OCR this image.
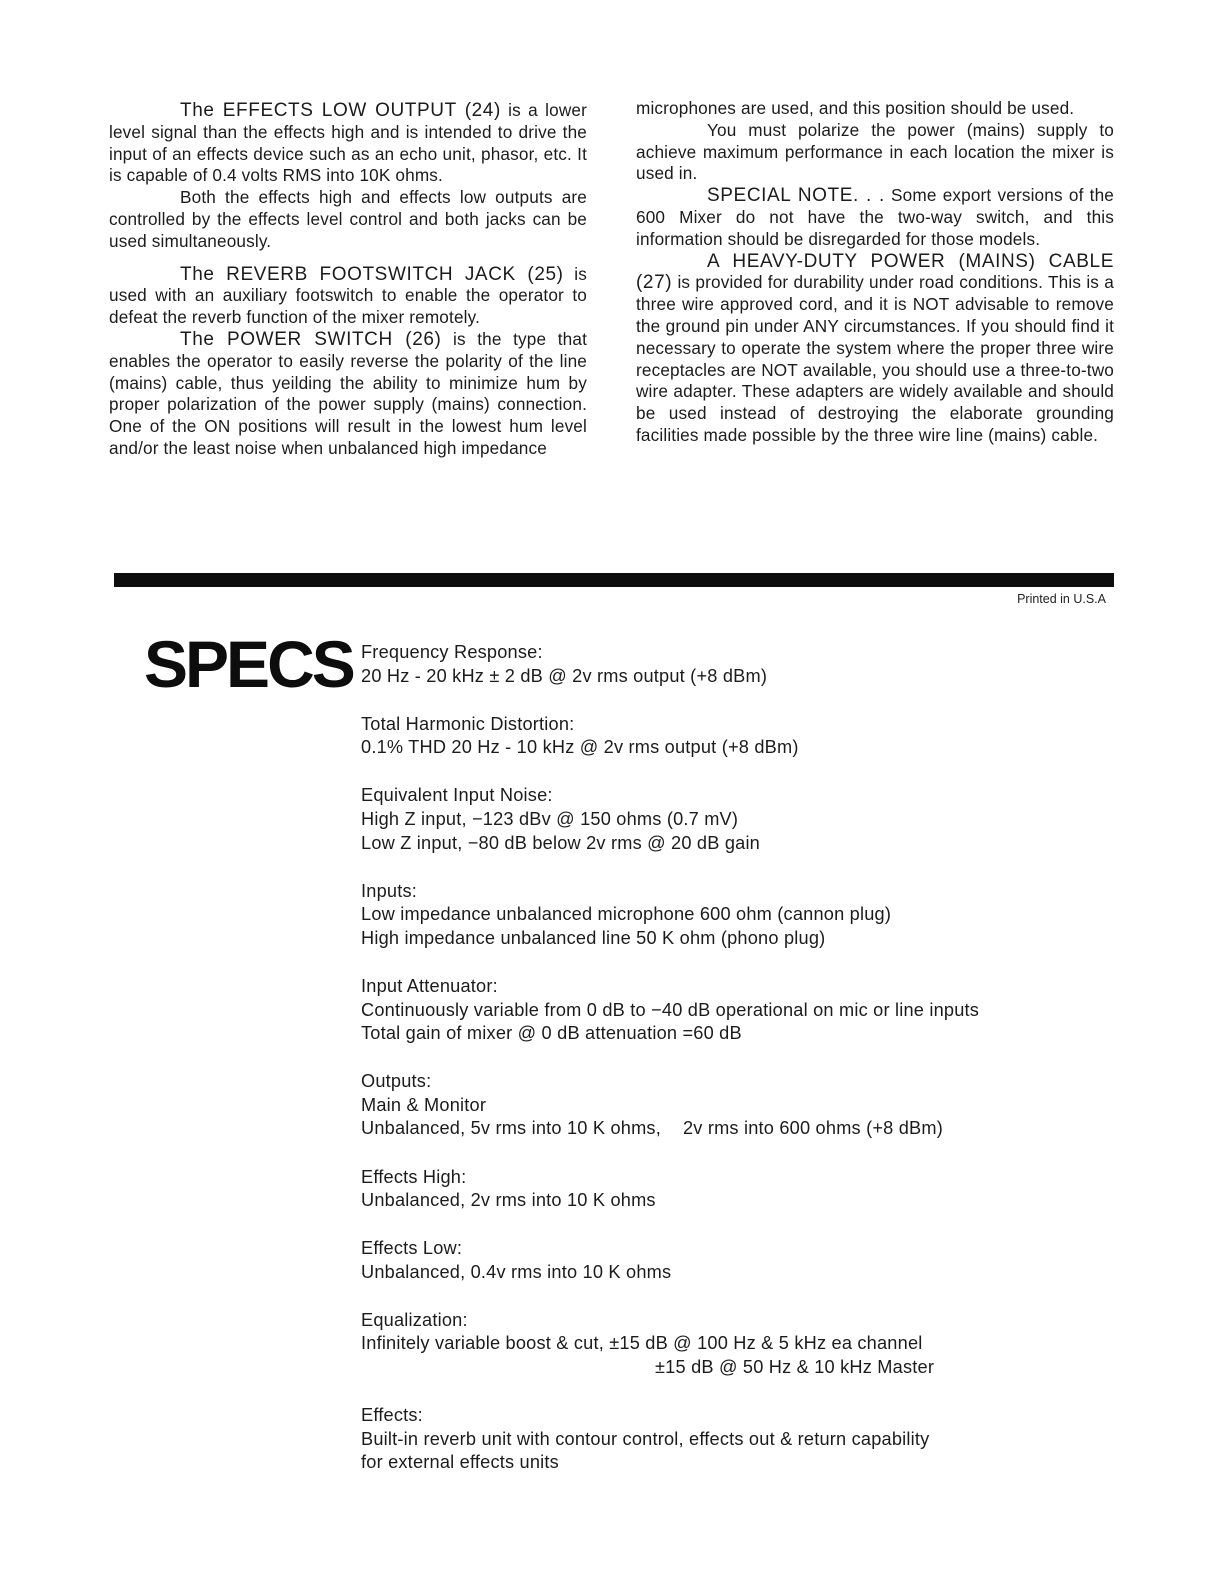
The EFFECTS LOW OUTPUT (24) is a lower level signal than the effects high and is intended to drive the input of an effects device such as an echo unit, phasor, etc. It is capable of 0.4 volts RMS into 10K ohms.

Both the effects high and effects low outputs are controlled by the effects level control and both jacks can be used simultaneously.

The REVERB FOOTSWITCH JACK (25) is used with an auxiliary footswitch to enable the operator to defeat the reverb function of the mixer remotely.

The POWER SWITCH (26) is the type that enables the operator to easily reverse the polarity of the line (mains) cable, thus yeilding the ability to minimize hum by proper polarization of the power supply (mains) connection. One of the ON positions will result in the lowest hum level and/or the least noise when unbalanced high impedance

microphones are used, and this position should be used.

You must polarize the power (mains) supply to achieve maximum performance in each location the mixer is used in.

SPECIAL NOTE. . . Some export versions of the 600 Mixer do not have the two-way switch, and this information should be disregarded for those models.

A HEAVY-DUTY POWER (MAINS) CABLE (27) is provided for durability under road conditions. This is a three wire approved cord, and it is NOT advisable to remove the ground pin under ANY circumstances. If you should find it necessary to operate the system where the proper three wire receptacles are NOT available, you should use a three-to-two wire adapter. These adapters are widely available and should be used instead of destroying the elaborate grounding facilities made possible by the three wire line (mains) cable.

Printed in U.S.A
SPECS Frequency Response:
20 Hz - 20 kHz ± 2 dB @ 2v rms output (+8 dBm)
Total Harmonic Distortion:
0.1% THD 20 Hz - 10 kHz @ 2v rms output (+8 dBm)
Equivalent Input Noise:
High Z input, −123 dBv @ 150 ohms (0.7 mV)
Low Z input, −80 dB below 2v rms @ 20 dB gain
Inputs:
Low impedance unbalanced microphone 600 ohm (cannon plug)
High impedance unbalanced line 50 K ohm (phono plug)
Input Attenuator:
Continuously variable from 0 dB to −40 dB operational on mic or line inputs
Total gain of mixer @ 0 dB attenuation =60 dB
Outputs:
Main & Monitor
Unbalanced, 5v rms into 10 K ohms, 2v rms into 600 ohms (+8 dBm)
Effects High:
Unbalanced, 2v rms into 10 K ohms
Effects Low:
Unbalanced, 0.4v rms into 10 K ohms
Equalization:
Infinitely variable boost & cut, ±15 dB @ 100 Hz & 5 kHz ea channel
±15 dB @ 50 Hz & 10 kHz Master
Effects:
Built-in reverb unit with contour control, effects out & return capability
for external effects units
